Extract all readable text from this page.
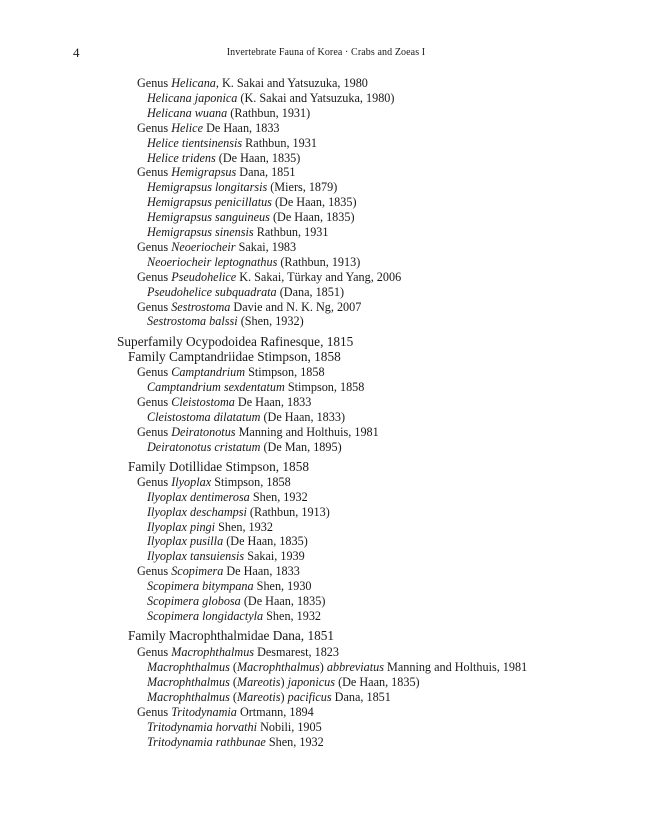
4	Invertebrate Fauna of Korea · Crabs and Zoeas I
Genus Helicana, K. Sakai and Yatsuzuka, 1980
Helicana japonica (K. Sakai and Yatsuzuka, 1980)
Helicana wuana (Rathbun, 1931)
Genus Helice De Haan, 1833
Helice tientsinensis Rathbun, 1931
Helice tridens (De Haan, 1835)
Genus Hemigrapsus Dana, 1851
Hemigrapsus longitarsis (Miers, 1879)
Hemigrapsus penicillatus (De Haan, 1835)
Hemigrapsus sanguineus (De Haan, 1835)
Hemigrapsus sinensis Rathbun, 1931
Genus Neoeriocheir Sakai, 1983
Neoeriocheir leptognathus (Rathbun, 1913)
Genus Pseudohelice K. Sakai, Türkay and Yang, 2006
Pseudohelice subquadrata (Dana, 1851)
Genus Sestrostoma Davie and N. K. Ng, 2007
Sestrostoma balssi (Shen, 1932)
Superfamily Ocypodoidea Rafinesque, 1815
Family Camptandriidae Stimpson, 1858
Genus Camptandrium Stimpson, 1858
Camptandrium sexdentatum Stimpson, 1858
Genus Cleistostoma De Haan, 1833
Cleistostoma dilatatum (De Haan, 1833)
Genus Deiratonotus Manning and Holthuis, 1981
Deiratonotus cristatum (De Man, 1895)
Family Dotillidae Stimpson, 1858
Genus Ilyoplax Stimpson, 1858
Ilyoplax dentimerosa Shen, 1932
Ilyoplax deschampsi (Rathbun, 1913)
Ilyoplax pingi Shen, 1932
Ilyoplax pusilla (De Haan, 1835)
Ilyoplax tansuiensis Sakai, 1939
Genus Scopimera De Haan, 1833
Scopimera bitympana Shen, 1930
Scopimera globosa (De Haan, 1835)
Scopimera longidactyla Shen, 1932
Family Macrophthalmidae Dana, 1851
Genus Macrophthalmus Desmarest, 1823
Macrophthalmus (Macrophthalmus) abbreviatus Manning and Holthuis, 1981
Macrophthalmus (Mareotis) japonicus (De Haan, 1835)
Macrophthalmus (Mareotis) pacificus Dana, 1851
Genus Tritodynamia Ortmann, 1894
Tritodynamia horvathi Nobili, 1905
Tritodynamia rathbunae Shen, 1932
